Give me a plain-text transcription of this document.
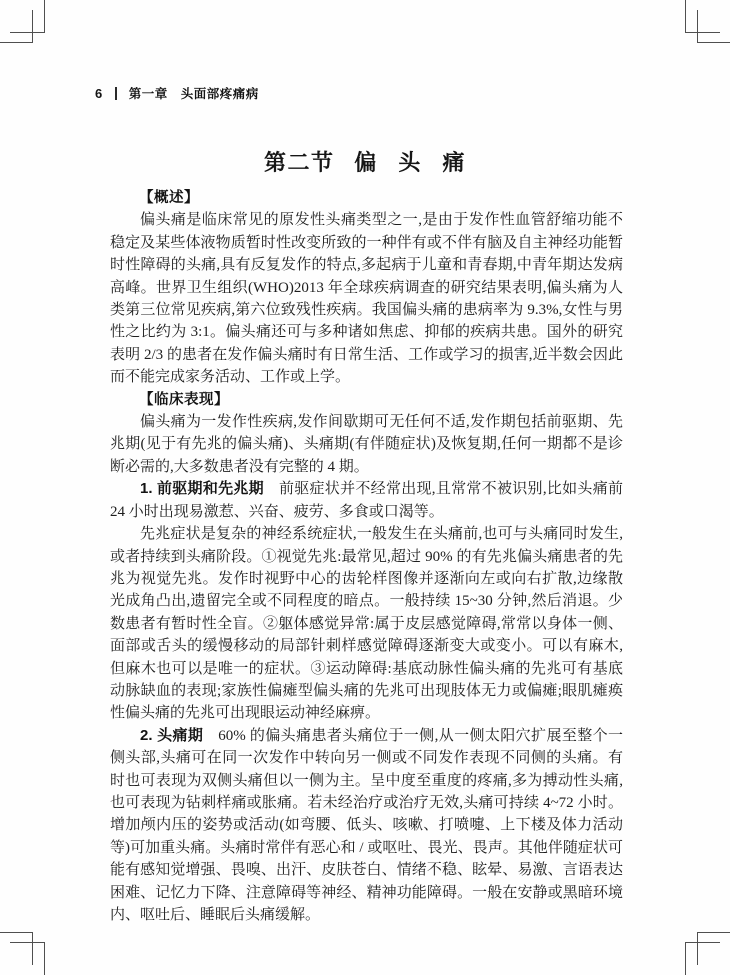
6 第一章 头面部疼痛病
第二节 偏 头 痛

【概述】

偏头痛是临床常见的原发性头痛类型之一,是由于发作性血管舒缩功能不稳定及某些体液物质暂时性改变所致的一种伴有或不伴有脑及自主神经功能暂时性障碍的头痛,具有反复发作的特点,多起病于儿童和青春期,中青年期达发病高峰。世界卫生组织(WHO)2013 年全球疾病调查的研究结果表明,偏头痛为人类第三位常见疾病,第六位致残性疾病。我国偏头痛的患病率为 9.3%,女性与男性之比约为 3:1。偏头痛还可与多种诸如焦虑、抑郁的疾病共患。国外的研究表明 2/3 的患者在发作偏头痛时有日常生活、工作或学习的损害,近半数会因此而不能完成家务活动、工作或上学。

【临床表现】

偏头痛为一发作性疾病,发作间歇期可无任何不适,发作期包括前驱期、先兆期(见于有先兆的偏头痛)、头痛期(有伴随症状)及恢复期,任何一期都不是诊断必需的,大多数患者没有完整的 4 期。

1. 前驱期和先兆期 前驱症状并不经常出现,且常常不被识别,比如头痛前 24 小时出现易激惹、兴奋、疲劳、多食或口渴等。

先兆症状是复杂的神经系统症状,一般发生在头痛前,也可与头痛同时发生,或者持续到头痛阶段。①视觉先兆:最常见,超过 90% 的有先兆偏头痛患者的先兆为视觉先兆。发作时视野中心的齿轮样图像并逐渐向左或向右扩散,边缘散光成角凸出,遗留完全或不同程度的暗点。一般持续 15~30 分钟,然后消退。少数患者有暂时性全盲。②躯体感觉异常:属于皮层感觉障碍,常常以身体一侧、面部或舌头的缓慢移动的局部针刺样感觉障碍逐渐变大或变小。可以有麻木,但麻木也可以是唯一的症状。③运动障碍:基底动脉性偏头痛的先兆可有基底动脉缺血的表现;家族性偏瘫型偏头痛的先兆可出现肢体无力或偏瘫;眼肌瘫痪性偏头痛的先兆可出现眼运动神经麻痹。

2. 头痛期 60% 的偏头痛患者头痛位于一侧,从一侧太阳穴扩展至整个一侧头部,头痛可在同一次发作中转向另一侧或不同发作表现不同侧的头痛。有时也可表现为双侧头痛但以一侧为主。呈中度至重度的疼痛,多为搏动性头痛,也可表现为钻刺样痛或胀痛。若未经治疗或治疗无效,头痛可持续 4~72 小时。增加颅内压的姿势或活动(如弯腰、低头、咳嗽、打喷嚏、上下楼及体力活动等)可加重头痛。头痛时常伴有恶心和 / 或呕吐、畏光、畏声。其他伴随症状可能有感知觉增强、畏嗅、出汗、皮肤苍白、情绪不稳、眩晕、易激、言语表达困难、记忆力下降、注意障碍等神经、精神功能障碍。一般在安静或黑暗环境内、呕吐后、睡眠后头痛缓解。
